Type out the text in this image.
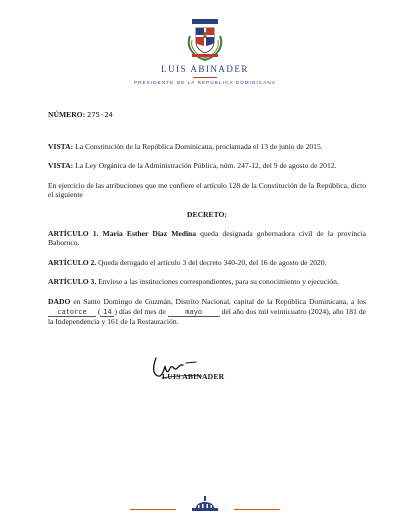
LUIS ABINADER
PRESIDENTE DE LA REPÚBLICA DOMINICANA

NÚMERO: 275-24

VISTA: La Constitución de la República Dominicana, proclamada el 13 de junio de 2015.

VISTA: La Ley Orgánica de la Administración Pública, núm. 247-12, del 9 de agosto de 2012.

En ejercicio de las atribuciones que me confiere el artículo 128 de la Constitución de la República, dicto el siguiente

DECRETO:

ARTÍCULO 1. María Esther Díaz Medina queda designada gobernadora civil de la provincia Bahoruco.

ARTÍCULO 2. Queda derogado el artículo 3 del decreto 340-20, del 16 de agosto de 2020.

ARTÍCULO 3. Envíese a las instituciones correspondientes, para su conocimiento y ejecución.

DADO en Santo Domingo de Guzmán, Distrito Nacional, capital de la República Dominicana, a los catorce ( 14 ) días del mes de	mayo del año dos mil veinticuatro (2024), año 181 de la Independencia y 161 de la Restauración.

LUIS ABINADER
